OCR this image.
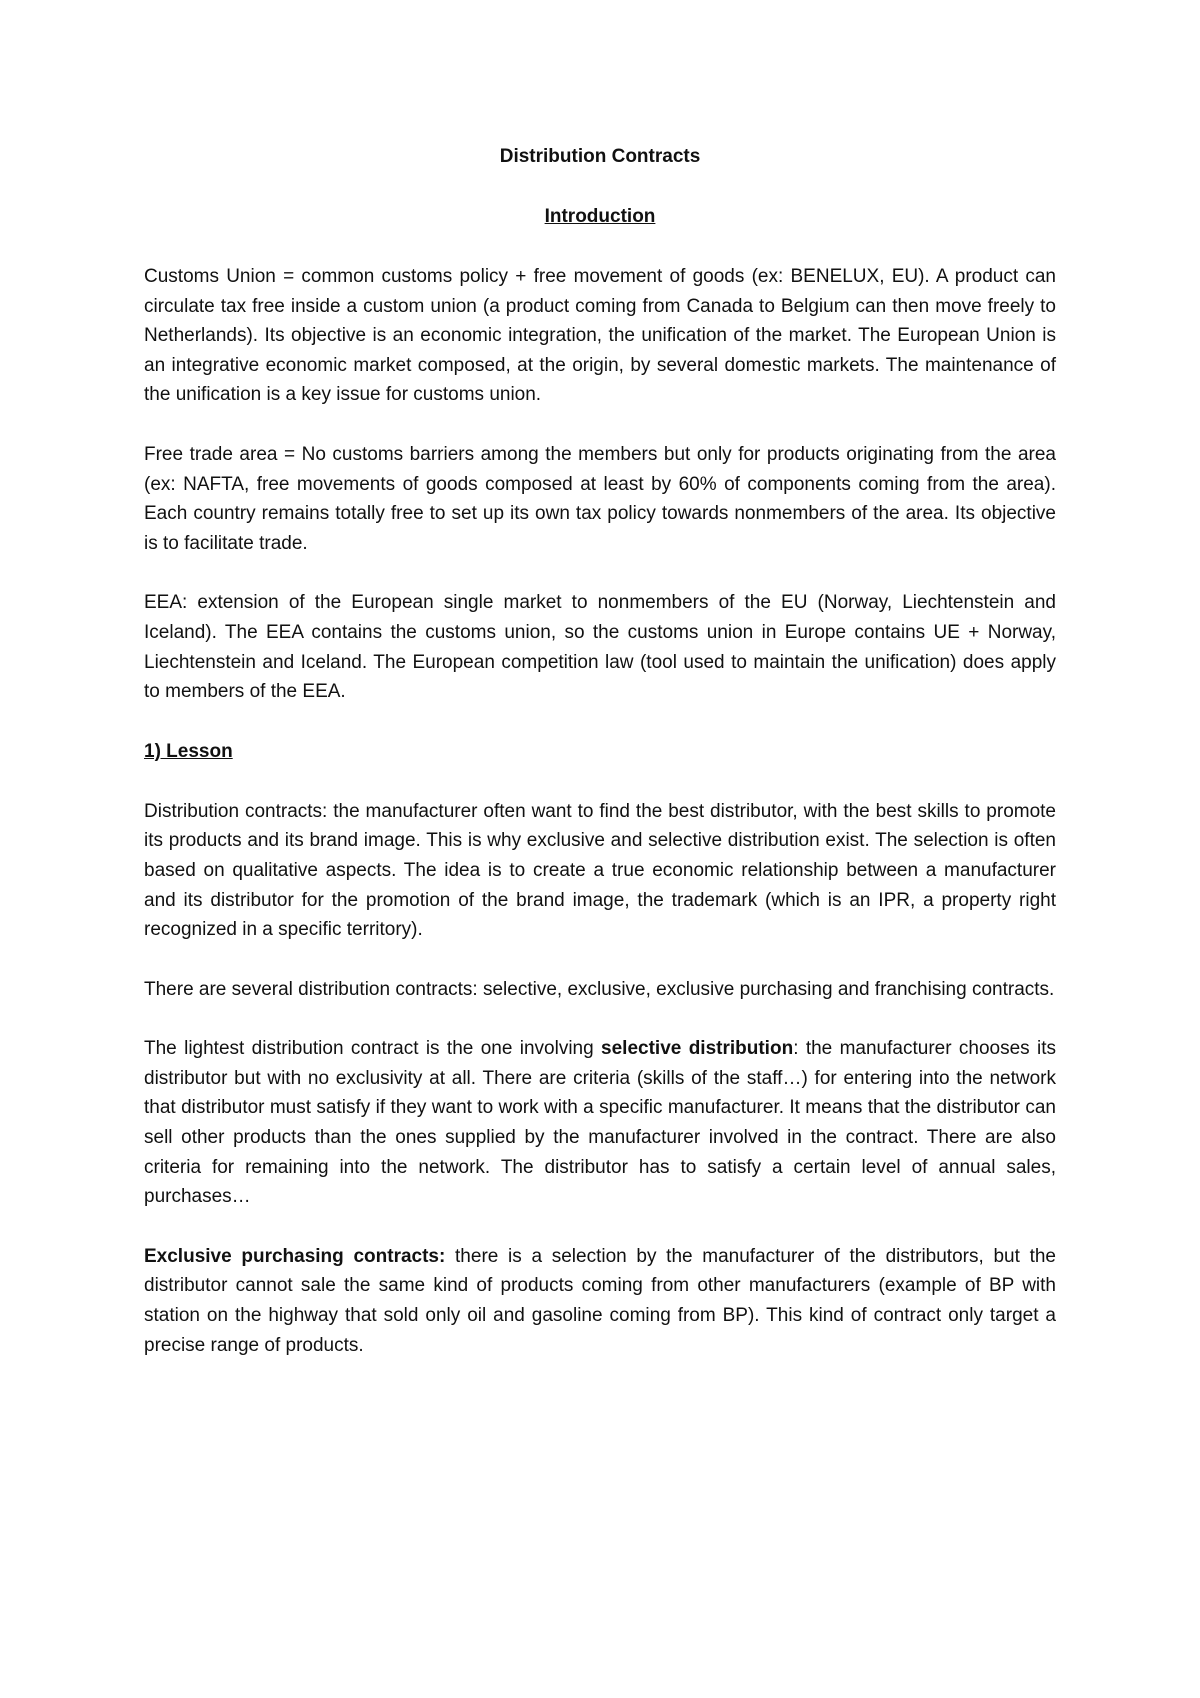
Distribution Contracts
Introduction

Customs Union = common customs policy + free movement of goods (ex: BENELUX, EU). A product can circulate tax free inside a custom union (a product coming from Canada to Belgium can then move freely to Netherlands). Its objective is an economic integration, the unification of the market. The European Union is an integrative economic market composed, at the origin, by several domestic markets. The maintenance of the unification is a key issue for customs union.

Free trade area = No customs barriers among the members but only for products originating from the area (ex: NAFTA, free movements of goods composed at least by 60% of components coming from the area). Each country remains totally free to set up its own tax policy towards nonmembers of the area. Its objective is to facilitate trade.

EEA: extension of the European single market to nonmembers of the EU (Norway, Liechtenstein and Iceland). The EEA contains the customs union, so the customs union in Europe contains UE + Norway, Liechtenstein and Iceland. The European competition law (tool used to maintain the unification) does apply to members of the EEA.

1) Lesson

Distribution contracts: the manufacturer often want to find the best distributor, with the best skills to promote its products and its brand image. This is why exclusive and selective distribution exist. The selection is often based on qualitative aspects. The idea is to create a true economic relationship between a manufacturer and its distributor for the promotion of the brand image, the trademark (which is an IPR, a property right recognized in a specific territory).

There are several distribution contracts: selective, exclusive, exclusive purchasing and franchising contracts.

The lightest distribution contract is the one involving selective distribution: the manufacturer chooses its distributor but with no exclusivity at all. There are criteria (skills of the staff…) for entering into the network that distributor must satisfy if they want to work with a specific manufacturer. It means that the distributor can sell other products than the ones supplied by the manufacturer involved in the contract. There are also criteria for remaining into the network. The distributor has to satisfy a certain level of annual sales, purchases…

Exclusive purchasing contracts: there is a selection by the manufacturer of the distributors, but the distributor cannot sale the same kind of products coming from other manufacturers (example of BP with station on the highway that sold only oil and gasoline coming from BP). This kind of contract only target a precise range of products.
